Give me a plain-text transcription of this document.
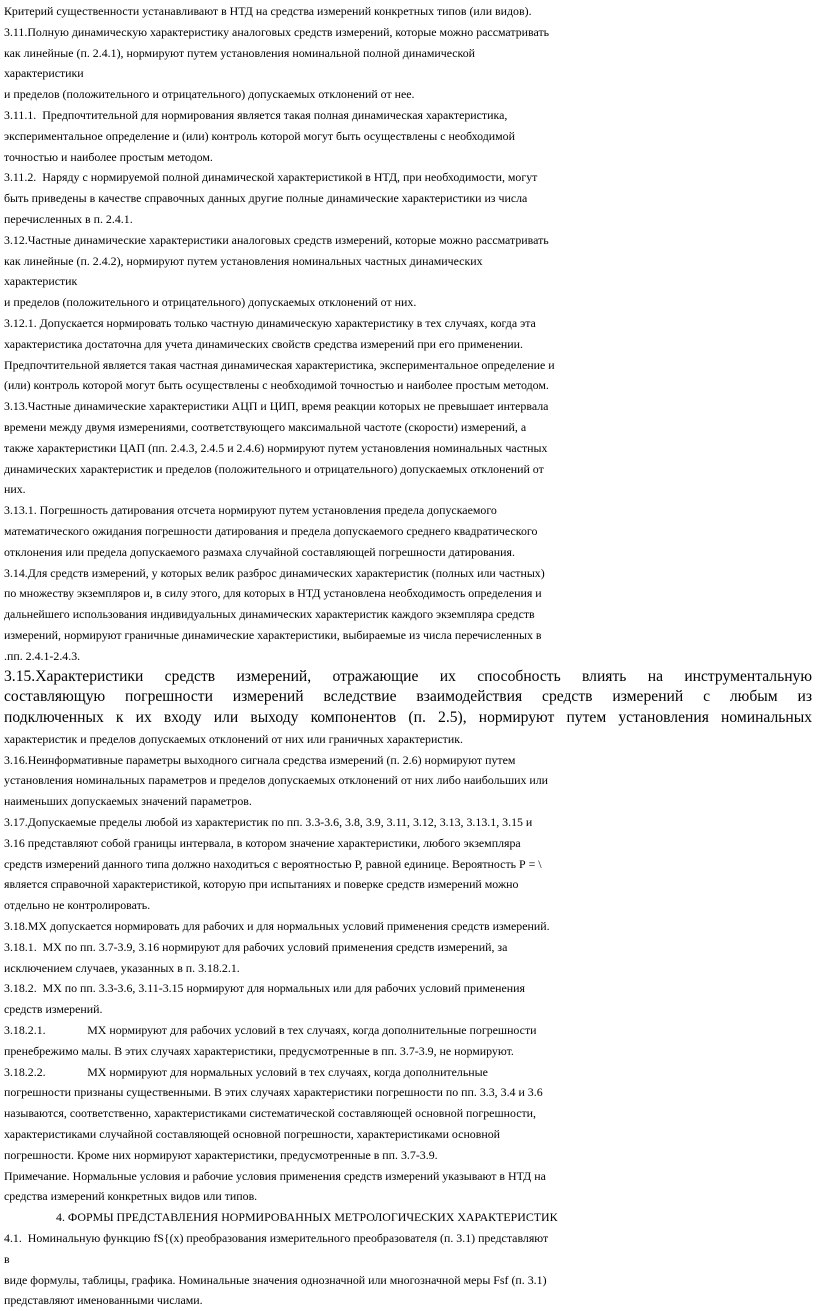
Критерий существенности устанавливают в НТД на средства измерений конкретных типов (или видов).
3.11.Полную динамическую характеристику аналоговых средств измерений, которые можно рассматривать
как линейные (п. 2.4.1), нормируют путем установления номинальной полной динамической
характеристики
и пределов (положительного и отрицательного) допускаемых отклонений от нее.
3.11.1.  Предпочтительной для нормирования является такая полная динамическая характеристика,
экспериментальное определение и (или) контроль которой могут быть осуществлены с необходимой
точностью и наиболее простым методом.
3.11.2.  Наряду с нормируемой полной динамической характеристикой в НТД, при необходимости, могут
быть приведены в качестве справочных данных другие полные динамические характеристики из числа
перечисленных в п. 2.4.1.
3.12.Частные динамические характеристики аналоговых средств измерений, которые можно рассматривать
как линейные (п. 2.4.2), нормируют путем установления номинальных частных динамических
характеристик
и пределов (положительного и отрицательного) допускаемых отклонений от них.
3.12.1. Допускается нормировать только частную динамическую характеристику в тех случаях, когда эта
характеристика достаточна для учета динамических свойств средства измерений при его применении.
Предпочтительной является такая частная динамическая характеристика, экспериментальное определение и
(или) контроль которой могут быть осуществлены с необходимой точностью и наиболее простым методом.
3.13.Частные динамические характеристики АЦП и ЦИП, время реакции которых не превышает интервала
времени между двумя измерениями, соответствующего максимальной частоте (скорости) измерений, а
также характеристики ЦАП (пп. 2.4.3, 2.4.5 и 2.4.6) нормируют путем установления номинальных частных
динамических характеристик и пределов (положительного и отрицательного) допускаемых отклонений от
них.
3.13.1. Погрешность датирования отсчета нормируют путем установления предела допускаемого
математического ожидания погрешности датирования и предела допускаемого среднего квадратического
отклонения или предела допускаемого размаха случайной составляющей погрешности датирования.
3.14.Для средств измерений, у которых велик разброс динамических характеристик (полных или частных)
по множеству экземпляров и, в силу этого, для которых в НТД установлена необходимость определения и
дальнейшего использования индивидуальных динамических характеристик каждого экземпляра средств
измерений, нормируют граничные динамические характеристики, выбираемые из числа перечисленных в
.пп. 2.4.1-2.4.3.
3.15.Характеристики средств измерений, отражающие их способность влиять на инструментальную
составляющую погрешности измерений вследствие взаимодействия средств измерений с любым из
подключенных к их входу или выходу компонентов (п. 2.5), нормируют путем установления номинальных
характеристик и пределов допускаемых отклонений от них или граничных характеристик.
3.16.Неинформативные параметры выходного сигнала средства измерений (п. 2.6) нормируют путем
установления номинальных параметров и пределов допускаемых отклонений от них либо наибольших или
наименьших допускаемых значений параметров.
3.17.Допускаемые пределы любой из характеристик по пп. 3.3-3.6, 3.8, 3.9, 3.11, 3.12, 3.13, 3.13.1, 3.15 и
3.16 представляют собой границы интервала, в котором значение характеристики, любого экземпляра
средств измерений данного типа должно находиться с вероятностью Р, равной единице. Вероятность Р = \
является справочной характеристикой, которую при испытаниях и поверке средств измерений можно
отдельно не контролировать.
3.18.МХ допускается нормировать для рабочих и для нормальных условий применения средств измерений.
3.18.1.  МХ по пп. 3.7-3.9, 3.16 нормируют для рабочих условий применения средств измерений, за
исключением случаев, указанных в п. 3.18.2.1.
3.18.2.  МХ по пп. 3.3-3.6, 3.11-3.15 нормируют для нормальных или для рабочих условий применения
средств измерений.
3.18.2.1.              МХ нормируют для рабочих условий в тех случаях, когда дополнительные погрешности
пренебрежимо малы. В этих случаях характеристики, предусмотренные в пп. 3.7-3.9, не нормируют.
3.18.2.2.              МХ нормируют для нормальных условий в тех случаях, когда дополнительные
погрешности признаны существенными. В этих случаях характеристики погрешности по пп. 3.3, 3.4 и 3.6
называются, соответственно, характеристиками систематической составляющей основной погрешности,
характеристиками случайной составляющей основной погрешности, характеристиками основной
погрешности. Кроме них нормируют характеристики, предусмотренные в пп. 3.7-3.9.
Примечание. Нормальные условия и рабочие условия применения средств измерений указывают в НТД на
средства измерений конкретных видов или типов.
4. ФОРМЫ ПРЕДСТАВЛЕНИЯ НОРМИРОВАННЫХ МЕТРОЛОГИЧЕСКИХ ХАРАКТЕРИСТИК
4.1.  Номинальную функцию fS{(x) преобразования измерительного преобразователя (п. 3.1) представляют
в
виде формулы, таблицы, графика. Номинальные значения однозначной или многозначной меры Fsf (п. 3.1)
представляют именованными числами.
